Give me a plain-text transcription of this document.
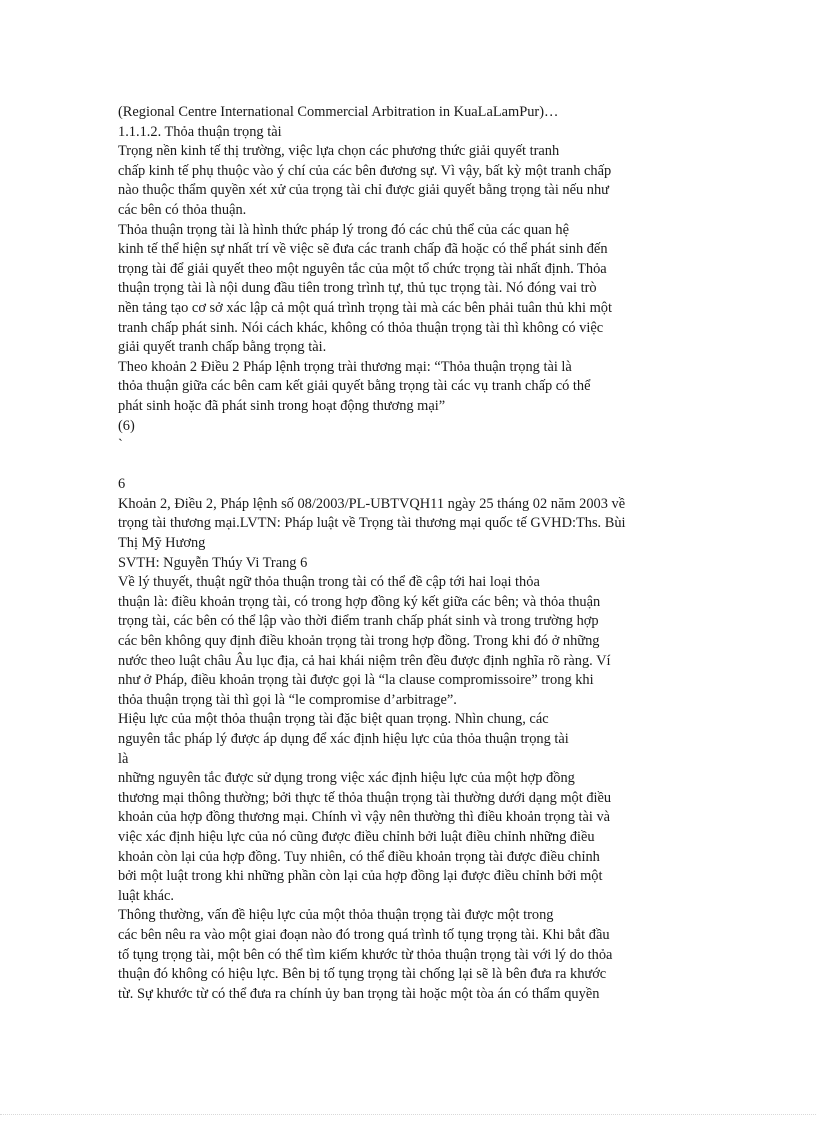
(Regional Centre International Commercial Arbitration in KuaLaLamPur)…
1.1.1.2. Thỏa thuận trọng tài
Trọng nền kinh tế thị trường, việc lựa chọn các phương thức giải quyết tranh
chấp kinh tế phụ thuộc vào ý chí của các bên đương sự. Vì vậy, bất kỳ một tranh chấp
nào thuộc thẩm quyền xét xử của trọng tài chỉ được giải quyết bằng trọng tài nếu như
các bên có thỏa thuận.
Thỏa thuận trọng tài là hình thức pháp lý trong đó các chủ thể của các quan hệ
kinh tế thể hiện sự nhất trí về việc sẽ đưa các tranh chấp đã hoặc có thể phát sinh đến
trọng tài để giải quyết theo một nguyên tắc của một tổ chức trọng tài nhất định. Thỏa
thuận trọng tài là nội dung đầu tiên trong trình tự, thủ tục trọng tài. Nó đóng vai trò
nền tảng tạo cơ sở xác lập cả một quá trình trọng tài mà các bên phải tuân thủ khi một
tranh chấp phát sinh. Nói cách khác, không có thỏa thuận trọng tài thì không có việc
giải quyết tranh chấp bằng trọng tài.
Theo khoản 2 Điều 2 Pháp lệnh trọng trài thương mại: “Thỏa thuận trọng tài là
thỏa thuận giữa các bên cam kết giải quyết bằng trọng tài các vụ tranh chấp có thể
phát sinh hoặc đã phát sinh trong hoạt động thương mại”
(6)
`
6
Khoản 2, Điều 2, Pháp lệnh số 08/2003/PL-UBTVQH11 ngày 25 tháng 02 năm 2003 về
trọng tài thương mại.LVTN: Pháp luật về Trọng tài thương mại quốc tế GVHD:Ths. Bùi
Thị Mỹ Hương
SVTH: Nguyễn Thúy Vi Trang 6
Về lý thuyết, thuật ngữ thỏa thuận trong tài có thể đề cập tới hai loại thỏa
thuận là: điều khoản trọng tài, có trong hợp đồng ký kết giữa các bên; và thỏa thuận
trọng tài, các bên có thể lập vào thời điểm tranh chấp phát sinh và trong trường hợp
các bên không quy định điều khoản trọng tài trong hợp đồng. Trong khi đó ở những
nước theo luật châu Âu lục địa, cả hai khái niệm trên đều được định nghĩa rõ ràng. Ví
như ở Pháp, điều khoản trọng tài được gọi là “la clause compromissoire” trong khi
thỏa thuận trọng tài thì gọi là “le compromise d’arbitrage”.
Hiệu lực của một thỏa thuận trọng tài đặc biệt quan trọng. Nhìn chung, các
nguyên tắc pháp lý được áp dụng để xác định hiệu lực của thỏa thuận trọng tài
là
những nguyên tắc được sử dụng trong việc xác định hiệu lực của một hợp đồng
thương mại thông thường; bởi thực tế thỏa thuận trọng tài thường dưới dạng một điều
khoản của hợp đồng thương mại. Chính vì vậy nên thường thì điều khoản trọng tài và
việc xác định hiệu lực của nó cũng được điều chỉnh bởi luật điều chỉnh những điều
khoản còn lại của hợp đồng. Tuy nhiên, có thể điều khoản trọng tài được điều chỉnh
bởi một luật trong khi những phần còn lại của hợp đồng lại được điều chỉnh bởi một
luật khác.
Thông thường, vấn đề hiệu lực của một thỏa thuận trọng tài được một trong
các bên nêu ra vào một giai đoạn nào đó trong quá trình tố tụng trọng tài. Khi bắt đầu
tố tụng trọng tài, một bên có thể tìm kiếm khước từ thỏa thuận trọng tài với lý do thỏa
thuận đó không có hiệu lực. Bên bị tố tụng trọng tài chống lại sẽ là bên đưa ra khước
từ. Sự khước từ có thể đưa ra chính ủy ban trọng tài hoặc một tòa án có thẩm quyền
